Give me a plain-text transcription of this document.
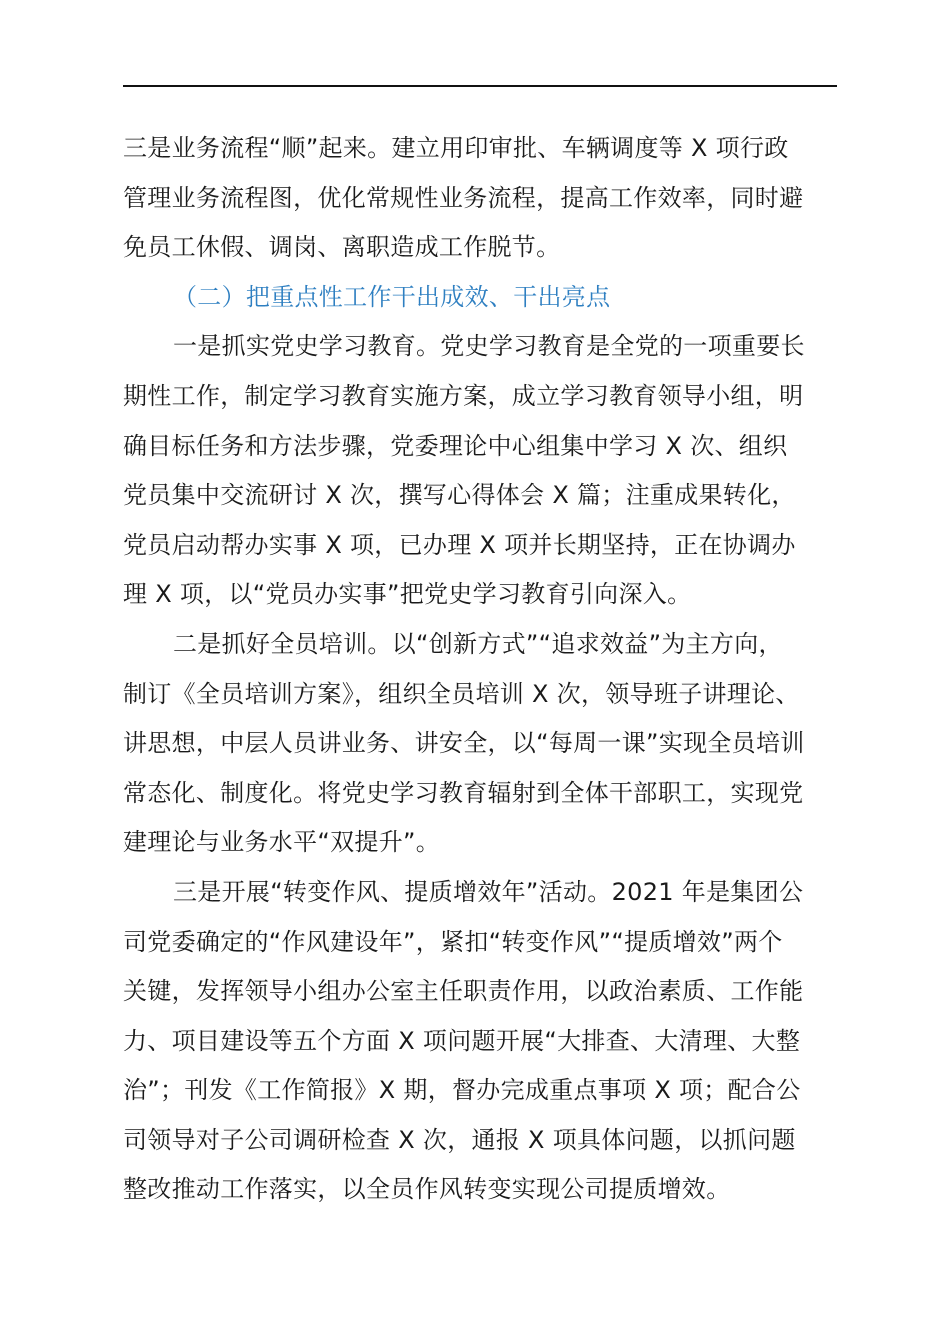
三是业务流程“顺”起来。建立用印审批、车辆调度等 X 项行政
管理业务流程图，优化常规性业务流程，提高工作效率，同时避
免员工休假、调岗、离职造成工作脱节。
（二）把重点性工作干出成效、干出亮点
一是抓实党史学习教育。党史学习教育是全党的一项重要长
期性工作，制定学习教育实施方案，成立学习教育领导小组，明
确目标任务和方法步骤，党委理论中心组集中学习 X 次、组织
党员集中交流研讨 X 次，撰写心得体会 X 篇；注重成果转化，
党员启动帮办实事 X 项，已办理 X 项并长期坚持，正在协调办
理 X 项，以“党员办实事”把党史学习教育引向深入。
二是抓好全员培训。以“创新方式”“追求效益”为主方向，
制订《全员培训方案》，组织全员培训 X 次，领导班子讲理论、
讲思想，中层人员讲业务、讲安全，以“每周一课”实现全员培训
常态化、制度化。将党史学习教育辐射到全体干部职工，实现党
建理论与业务水平“双提升”。
三是开展“转变作风、提质增效年”活动。2021 年是集团公
司党委确定的“作风建设年”，紧扣“转变作风”“提质增效”两个
关键，发挥领导小组办公室主任职责作用，以政治素质、工作能
力、项目建设等五个方面 X 项问题开展“大排查、大清理、大整
治”；刊发《工作简报》X 期，督办完成重点事项 X 项；配合公
司领导对子公司调研检查 X 次，通报 X 项具体问题，以抓问题
整改推动工作落实，以全员作风转变实现公司提质增效。
